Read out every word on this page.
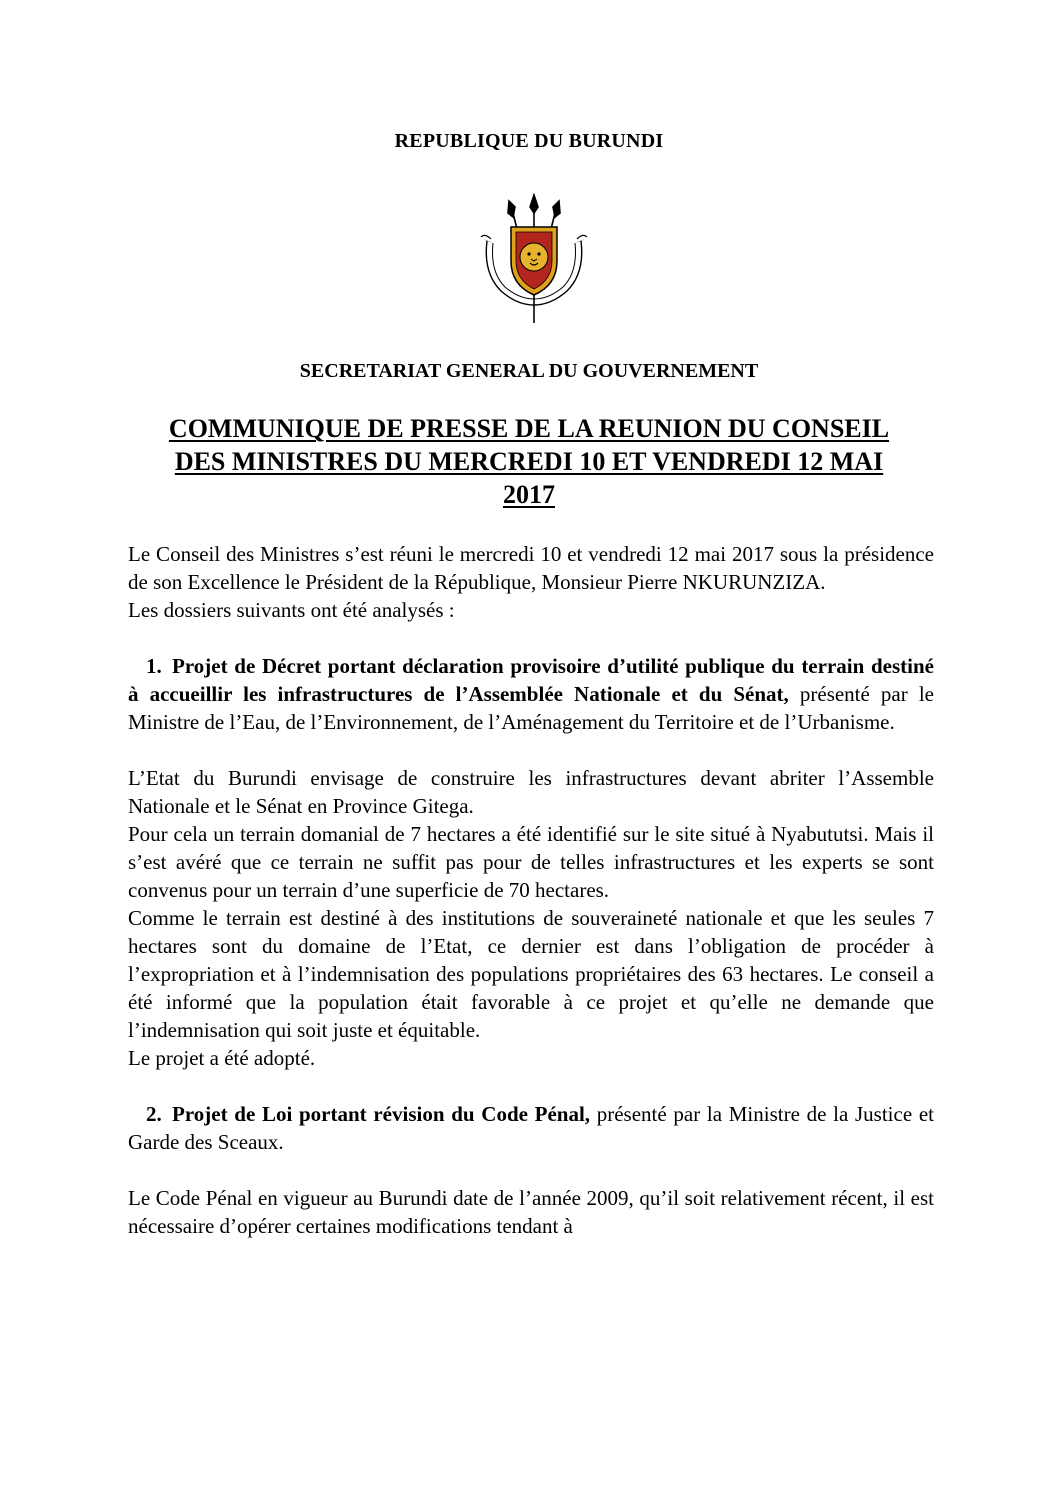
REPUBLIQUE DU BURUNDI
SECRETARIAT GENERAL DU GOUVERNEMENT
COMMUNIQUE DE PRESSE DE LA REUNION DU CONSEIL
DES MINISTRES DU MERCREDI 10 ET VENDREDI 12 MAI
2017

Le Conseil des Ministres s’est réuni le mercredi 10 et vendredi 12 mai 2017 sous la présidence de son Excellence le Président de la République, Monsieur Pierre NKURUNZIZA.

Les dossiers suivants ont été analysés :

1. Projet de Décret portant déclaration provisoire d’utilité publique du terrain destiné à accueillir les infrastructures de l’Assemblée Nationale et du Sénat, présenté par le Ministre de l’Eau, de l’Environnement, de l’Aménagement du Territoire et de l’Urbanisme.

L’Etat du Burundi envisage de construire les infrastructures devant abriter l’Assemble Nationale et le Sénat en Province Gitega.

Pour cela un terrain domanial de 7 hectares a été identifié sur le site situé à Nyabututsi. Mais il s’est avéré que ce terrain ne suffit pas pour de telles infrastructures et les experts se sont convenus pour un terrain d’une superficie de 70 hectares.

Comme le terrain est destiné à des institutions de souveraineté nationale et que les seules 7 hectares sont du domaine de l’Etat, ce dernier est dans l’obligation de procéder à l’expropriation et à l’indemnisation des populations propriétaires des 63 hectares. Le conseil a été informé que la population était favorable à ce projet et qu’elle ne demande que l’indemnisation qui soit juste et équitable.

Le projet a été adopté.

2. Projet de Loi portant révision du Code Pénal, présenté par la Ministre de la Justice et Garde des Sceaux.

Le Code Pénal en vigueur au Burundi date de l’année 2009, qu’il soit relativement récent, il est nécessaire d’opérer certaines modifications tendant à
